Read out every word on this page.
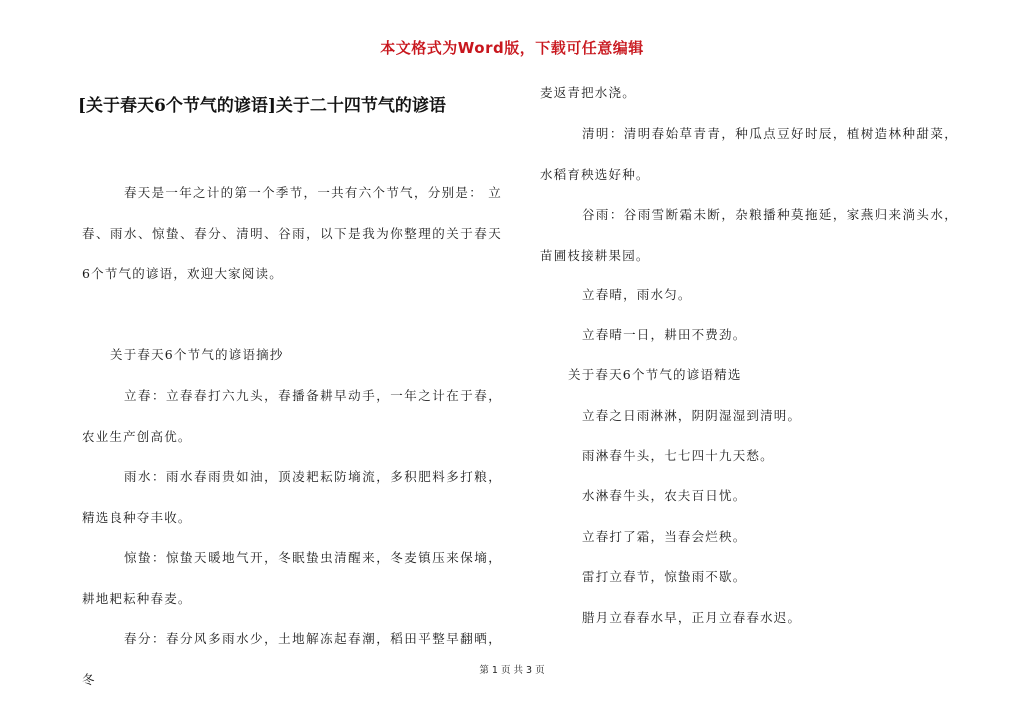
本文格式为Word版，下载可任意编辑
[关于春天6个节气的谚语]关于二十四节气的谚语

春天是一年之计的第一个季节，一共有六个节气，分别是： 立春、雨水、惊蛰、春分、清明、谷雨，以下是我为你整理的关于春天6个节气的谚语，欢迎大家阅读。

关于春天6个节气的谚语摘抄

立春：立春春打六九头，春播备耕早动手，一年之计在于春，农业生产创高优。

雨水：雨水春雨贵如油，顶凌耙耘防墒流，多积肥料多打粮，精选良种夺丰收。

惊蛰：惊蛰天暖地气开，冬眠蛰虫清醒来，冬麦镇压来保墒，耕地耙耘种春麦。

春分：春分风多雨水少，土地解冻起春潮，稻田平整早翻晒，冬

麦返青把水浇。

清明：清明春始草青青，种瓜点豆好时辰，植树造林种甜菜，水稻育秧选好种。

谷雨：谷雨雪断霜未断，杂粮播种莫拖延，家燕归来淌头水，苗圃枝接耕果园。

立春晴，雨水匀。

立春晴一日，耕田不费劲。

关于春天6个节气的谚语精选

立春之日雨淋淋，阴阴湿湿到清明。

雨淋春牛头，七七四十九天愁。

水淋春牛头，农夫百日忧。

立春打了霜，当春会烂秧。

雷打立春节，惊蛰雨不歇。

腊月立春春水早，正月立春春水迟。

第 1 页 共 3 页
